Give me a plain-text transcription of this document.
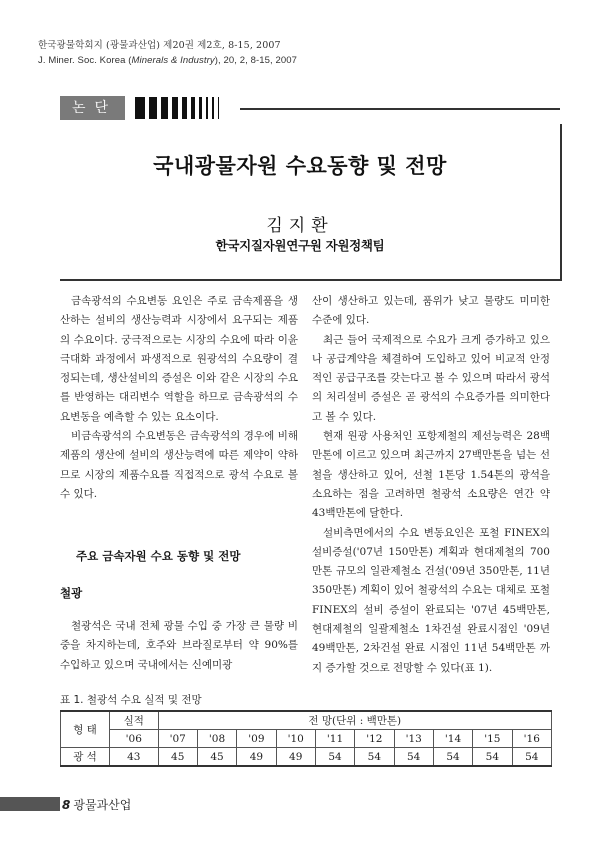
한국광물학회지 (광물과산업) 제20권 제2호, 8-15, 2007
J. Miner. Soc. Korea (Minerals & Industry), 20, 2, 8-15, 2007
논단
국내광물자원 수요동향 및 전망
김지환
한국지질자원연구원 자원정책팀

금속광석의 수요변동 요인은 주로 금속제품을 생산하는 설비의 생산능력과 시장에서 요구되는 제품의 수요이다. 궁극적으로는 시장의 수요에 따라 이윤극대화 과정에서 파생적으로 원광석의 수요량이 결정되는데, 생산설비의 증설은 이와 같은 시장의 수요를 반영하는 대리변수 역할을 하므로 금속광석의 수요변동을 예측할 수 있는 요소이다.

비금속광석의 수요변동은 금속광석의 경우에 비해 제품의 생산에 설비의 생산능력에 따른 제약이 약하므로 시장의 제품수요를 직접적으로 광석 수요로 볼 수 있다.

주요 금속자원 수요 동향 및 전망
철광

철광석은 국내 전체 광물 수입 중 가장 큰 물량 비중을 차지하는데, 호주와 브라질로부터 약 90%를 수입하고 있으며 국내에서는 신예미광

산이 생산하고 있는데, 품위가 낮고 물량도 미미한 수준에 있다.

최근 들어 국제적으로 수요가 크게 증가하고 있으나 공급계약을 체결하여 도입하고 있어 비교적 안정적인 공급구조를 갖는다고 볼 수 있으며 따라서 광석의 처리설비 증설은 곧 광석의 수요증가를 의미한다고 볼 수 있다.

현재 원광 사용처인 포항제철의 제선능력은 28백만톤에 이르고 있으며 최근까지 27백만톤을 넘는 선철을 생산하고 있어, 선철 1톤당 1.54톤의 광석을 소요하는 점을 고려하면 철광석 소요량은 연간 약 43백만톤에 달한다.

설비측면에서의 수요 변동요인은 포철 FINEX의 설비증설('07년 150만톤) 계획과 현대제철의 700만톤 규모의 일관제철소 건설('09년 350만톤, 11년 350만톤) 계획이 있어 철광석의 수요는 대체로 포철 FINEX의 설비 증설이 완료되는 '07년 45백만톤, 현대제철의 일괄제철소 1차건설 완료시점인 '09년 49백만톤, 2차건설 완료 시점인 11년 54백만톤 까지 증가할 것으로 전망할 수 있다(표 1).

표 1. 철광석 수요 실적 및 전망
형 태	실적	전 망(단위 : 백만톤)									
	'06	'07	'08	'09	'10	'11	'12	'13	'14	'15	'16
광 석	43	45	45	49	49	54	54	54	54	54	54
8 광물과산업
